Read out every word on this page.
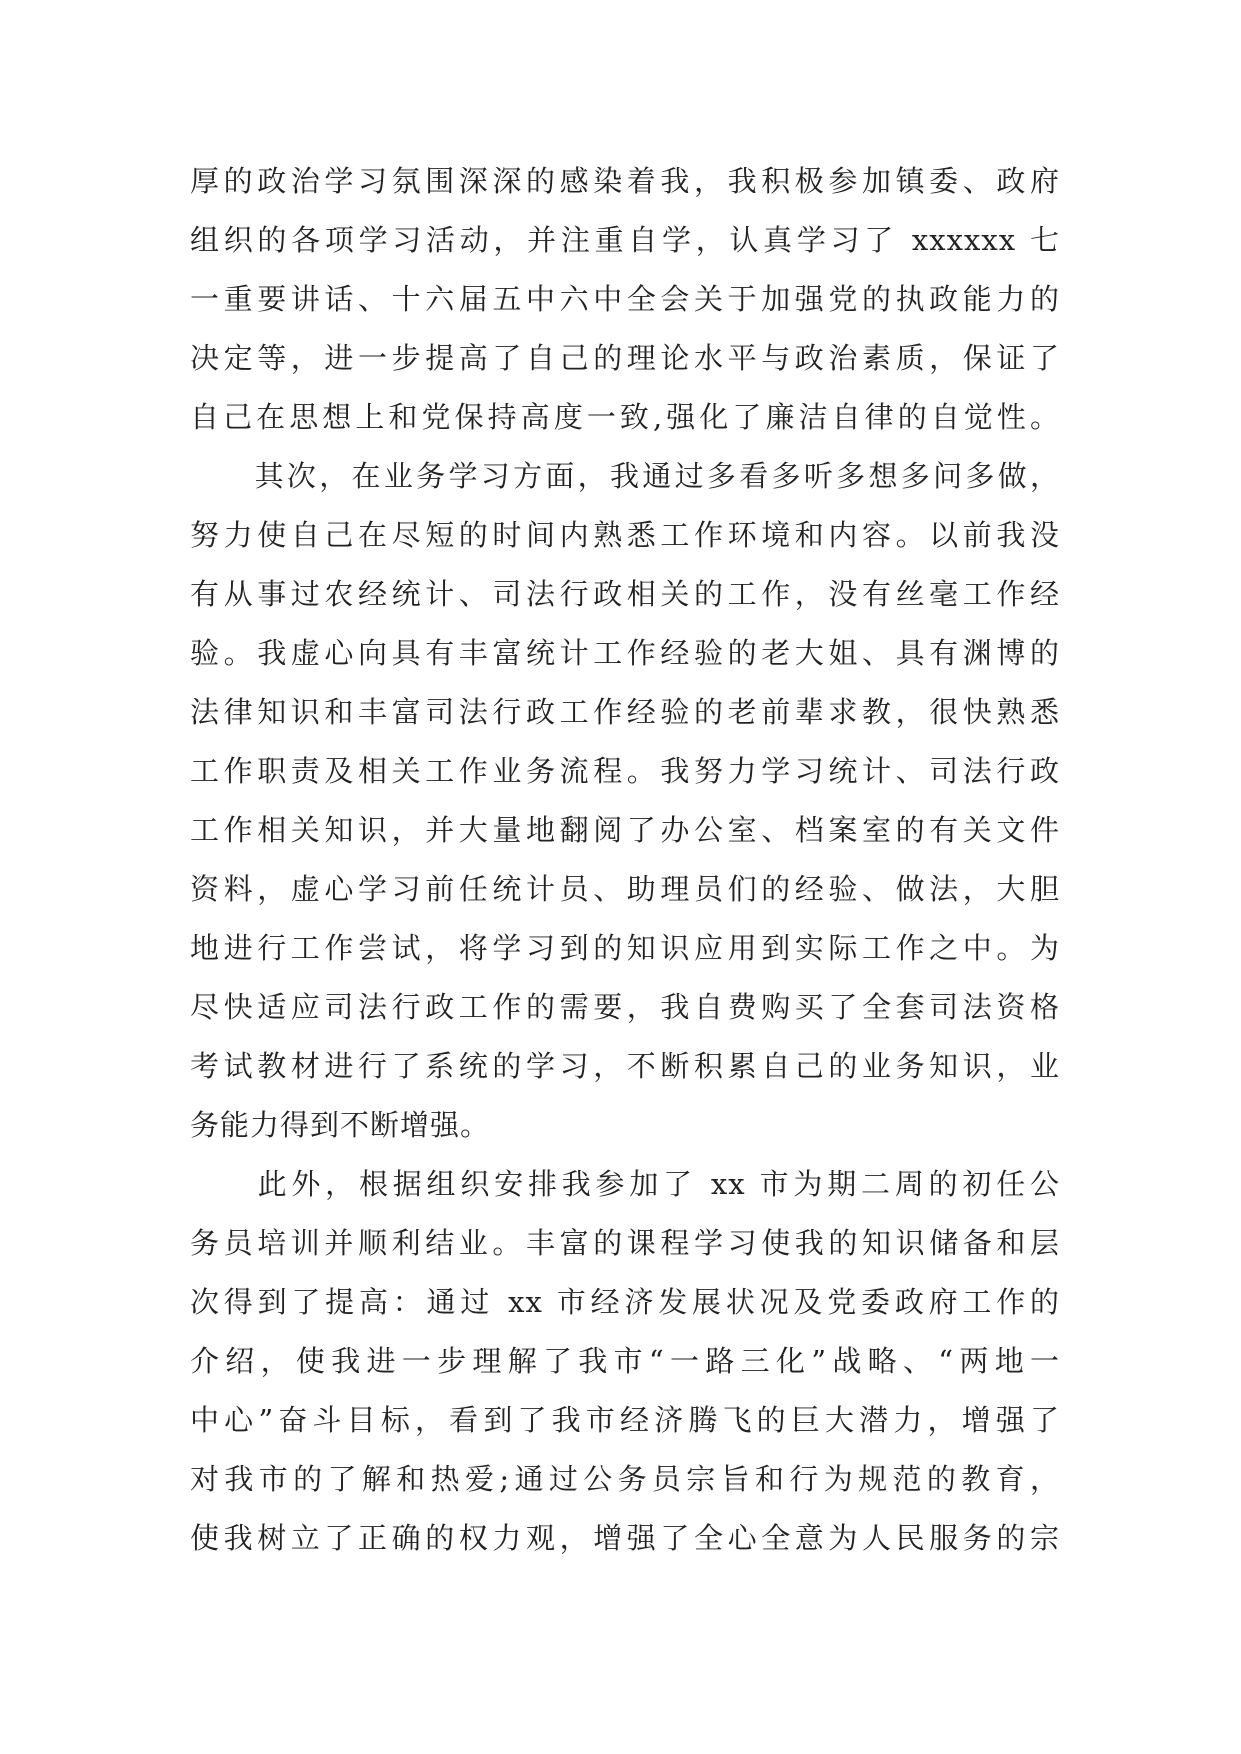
厚的政治学习氛围深深的感染着我，我积极参加镇委、政府
组织的各项学习活动，并注重自学，认真学习了 xxxxxx 七
一重要讲话、十六届五中六中全会关于加强党的执政能力的
决定等，进一步提高了自己的理论水平与政治素质，保证了
自己在思想上和党保持高度一致,强化了廉洁自律的自觉性。
　　其次，在业务学习方面，我通过多看多听多想多问多做，
努力使自己在尽短的时间内熟悉工作环境和内容。以前我没
有从事过农经统计、司法行政相关的工作，没有丝毫工作经
验。我虚心向具有丰富统计工作经验的老大姐、具有渊博的
法律知识和丰富司法行政工作经验的老前辈求教，很快熟悉
工作职责及相关工作业务流程。我努力学习统计、司法行政
工作相关知识，并大量地翻阅了办公室、档案室的有关文件
资料，虚心学习前任统计员、助理员们的经验、做法，大胆
地进行工作尝试，将学习到的知识应用到实际工作之中。为
尽快适应司法行政工作的需要，我自费购买了全套司法资格
考试教材进行了系统的学习，不断积累自己的业务知识，业
务能力得到不断增强。
　　此外，根据组织安排我参加了 xx 市为期二周的初任公
务员培训并顺利结业。丰富的课程学习使我的知识储备和层
次得到了提高：通过 xx 市经济发展状况及党委政府工作的
介绍，使我进一步理解了我市“一路三化”战略、“两地一
中心”奋斗目标，看到了我市经济腾飞的巨大潜力，增强了
对我市的了解和热爱;通过公务员宗旨和行为规范的教育，
使我树立了正确的权力观，增强了全心全意为人民服务的宗
